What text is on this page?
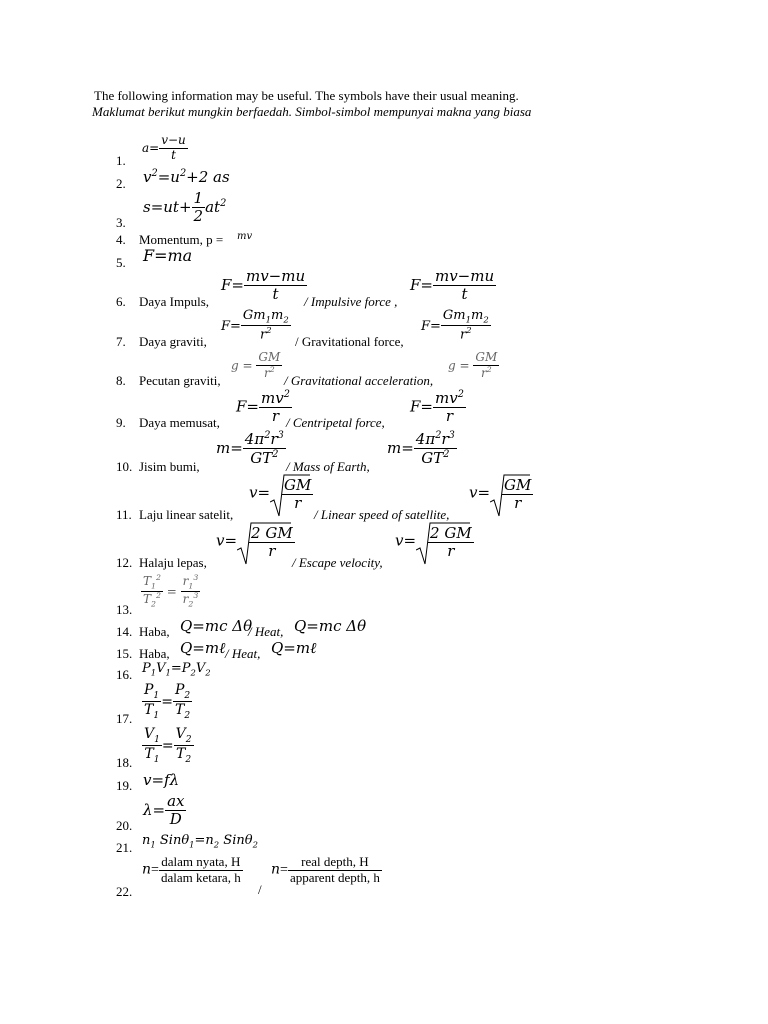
The following information may be useful. The symbols have their usual meaning.
Maklumat berikut mungkin berfaedah. Simbol-simbol mempunyai makna yang biasa
1.
$a= \frac{v-u}{t}$
2. $v^2=u^2+2$ as
3.
$s=ut+ \frac{1}{2} at^2$
4. Momentum, p = mv
5. F=ma
6. Daya Impuls,
$F= \frac{mv-mu}{t}$
/ Impulsive force ,
$F= \frac{mv-mu}{t}$
7. Daya graviti,
$F= \frac{Gm_1m_2}{r^2}$ / Gravitational force,
$F= \frac{Gm_1m_2}{r^2}$
8. Pecutan graviti,
$g = \frac{GM}{r^2}$ / Gravitational acceleration,
$g = \frac{GM}{r^2}$
9. Daya memusat,
$F= \frac{mv^2}{r}$
/ Centripetal force,
$F= \frac{mv^2}{r}$
10. Jisim bumi,
$m= \frac{4\pi^2r^3}{GT^2}$ / Mass of Earth,
$m= \frac{4\pi^2r^3}{GT^2}$
11. Laju linear satelit,
$v= \frac{GM}{r}$
/ Linear speed of satellite,
$v= \frac{GM}{r}$
12. Halaju lepas,
$v= \frac{2 GM}{r}$
/ Escape velocity,
$v= \frac{2 GM}{r}$
13. $\frac{T_1^2}{T_2^2} = \frac{r_1^3}{r_2^3}$
14. Haba, Q=mc Δθ
/ Heat, Q=mc Δθ
15. Haba, Q=mℓ / Heat, Q=mℓ
16. $P_1V_1=P_2V_2$
17. $\frac{P_1}{T_1} = \frac{P_2}{T_2}$
18. $\frac{V_1}{T_1} = \frac{V_2}{T_2}$
19. v=fλ
20.
$\lambda= \frac{ax}{D}$
21. $n_1$ $Sin\theta_1=n_2$ Sinθ$_2$
22.
$n= \frac{\text{dalam nyata, H}}{\text{dalam ketara, h}}$
/
$n= \frac{\text{real depth, H}}{\text{apparent depth, h}}$
